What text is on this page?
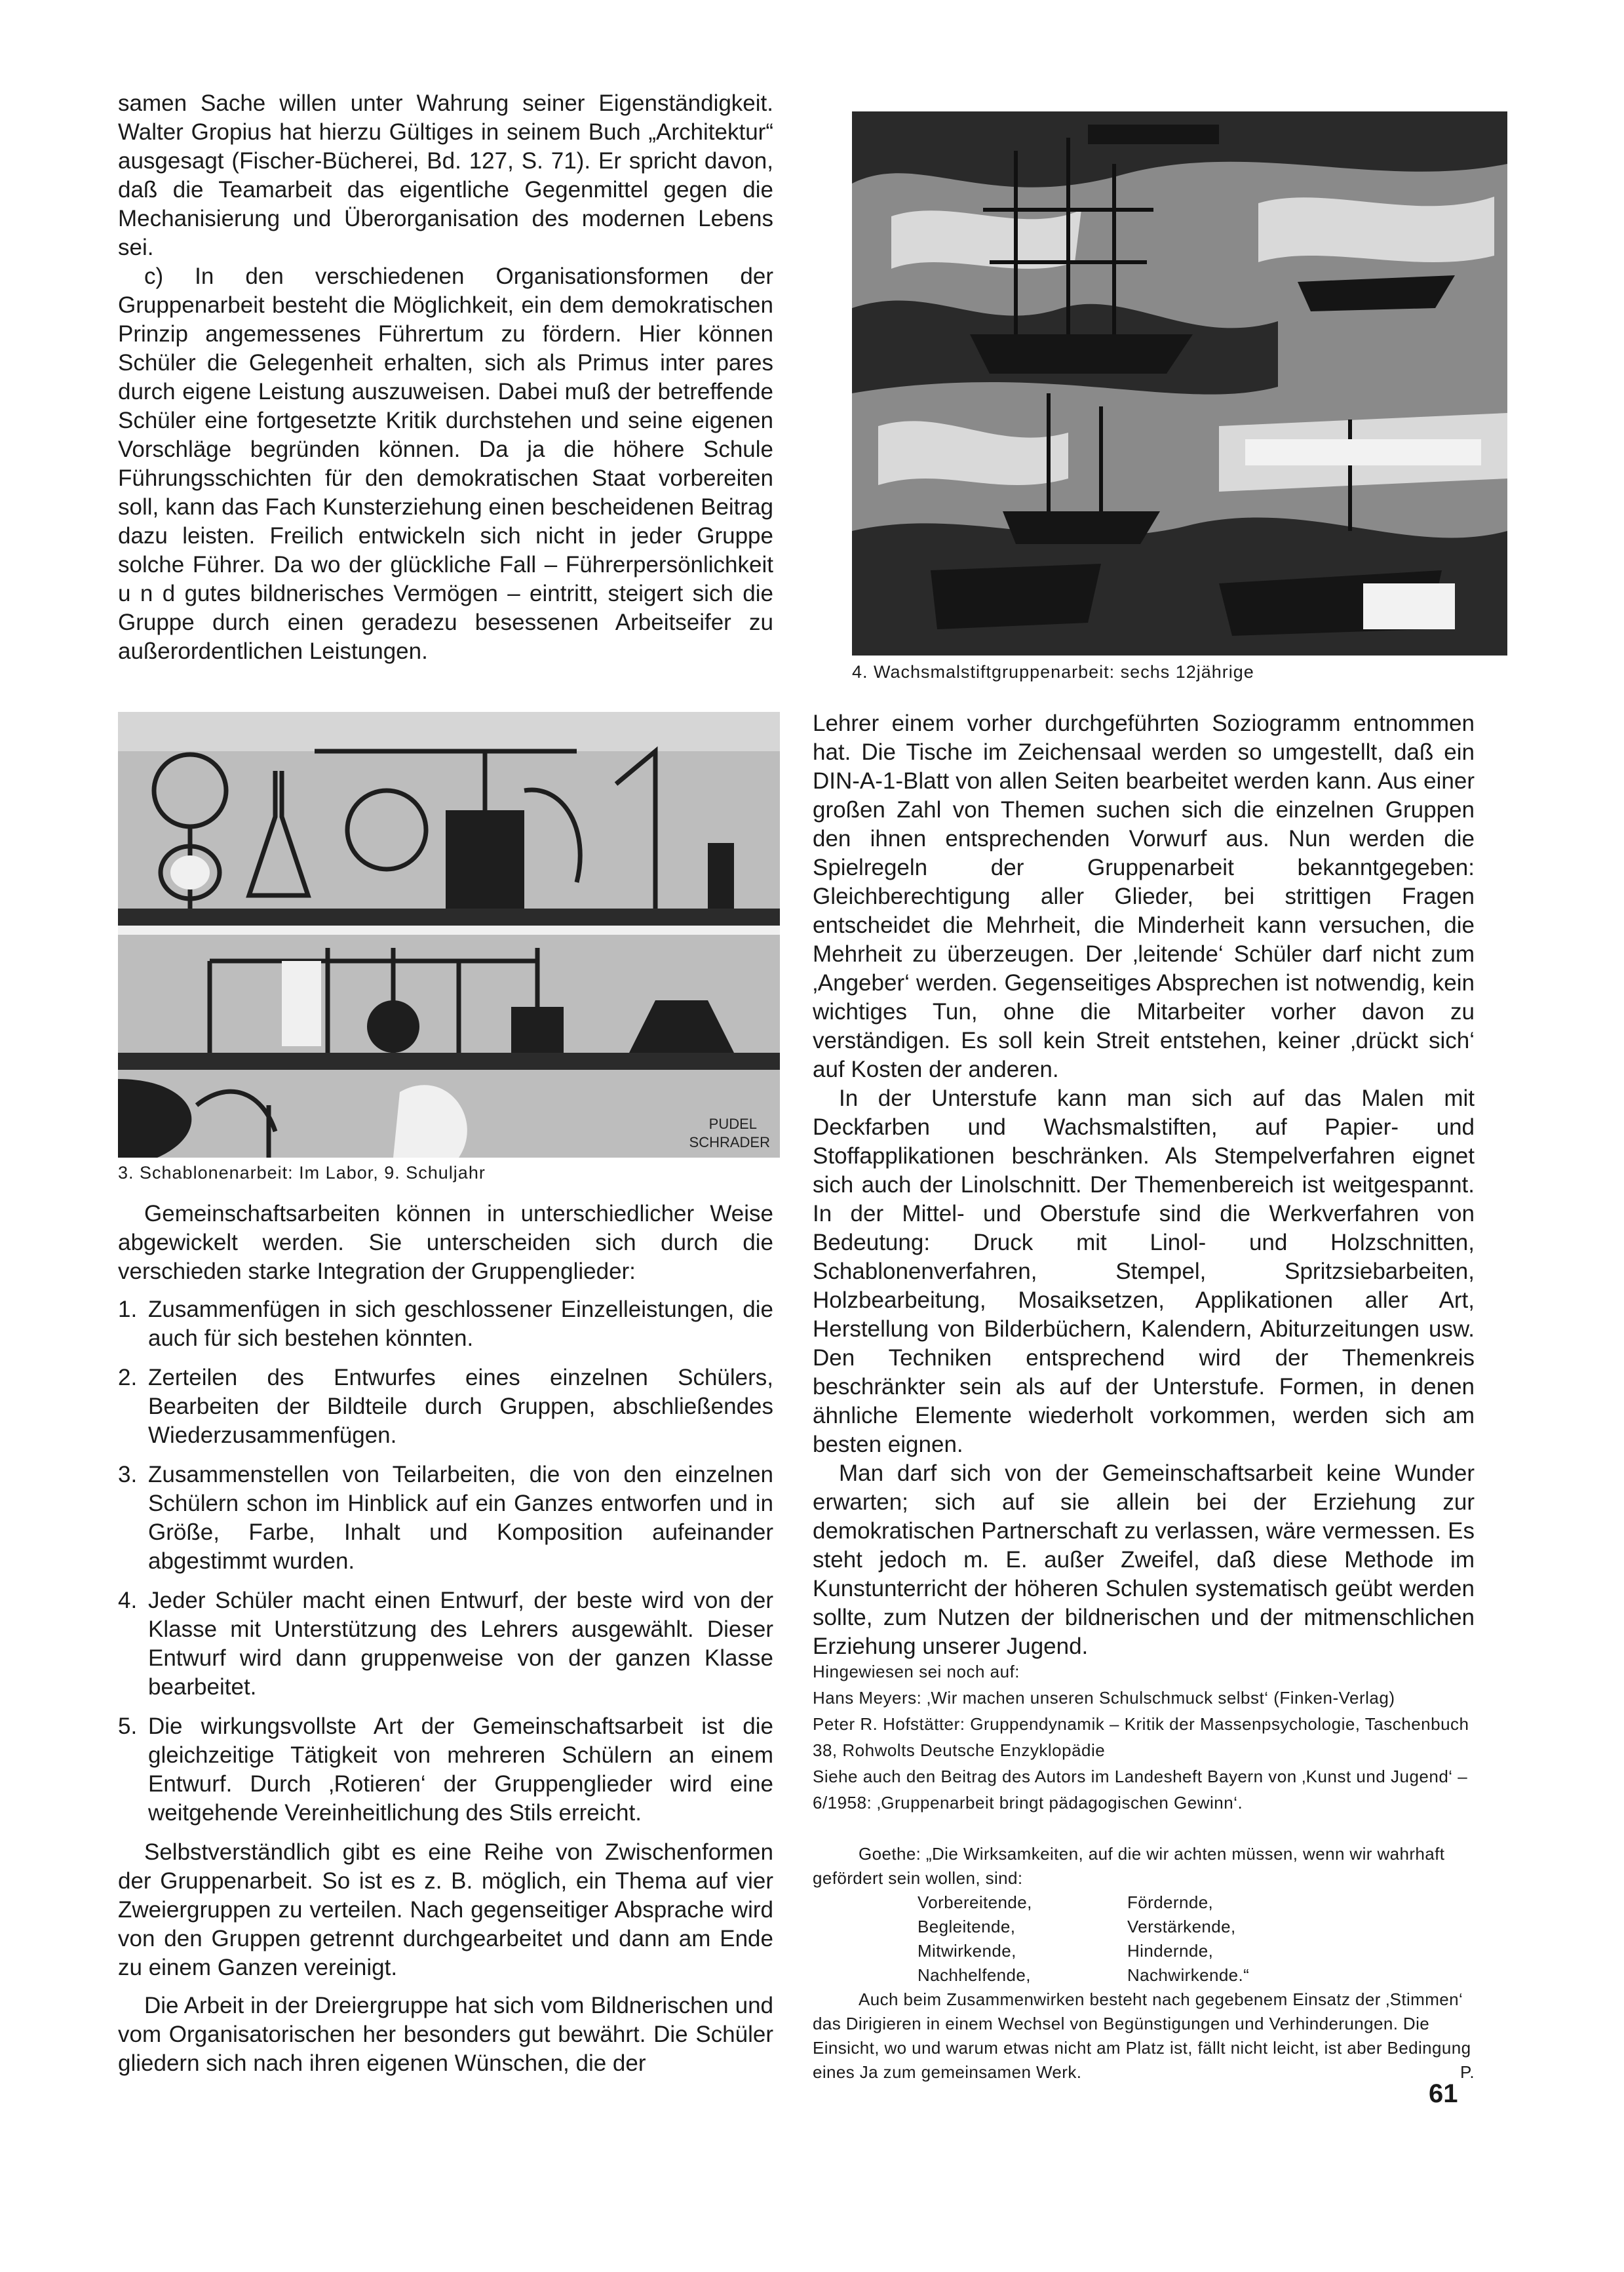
samen Sache willen unter Wahrung seiner Eigenständigkeit. Walter Gropius hat hierzu Gültiges in seinem Buch „Architektur“ ausgesagt (Fischer-Bücherei, Bd. 127, S. 71). Er spricht davon, daß die Teamarbeit das eigentliche Gegenmittel gegen die Mechanisierung und Überorganisation des modernen Lebens sei.

c) In den verschiedenen Organisationsformen der Gruppenarbeit besteht die Möglichkeit, ein dem demokratischen Prinzip angemessenes Führertum zu fördern. Hier können Schüler die Gelegenheit erhalten, sich als Primus inter pares durch eigene Leistung auszuweisen. Dabei muß der betreffende Schüler eine fortgesetzte Kritik durchstehen und seine eigenen Vorschläge begründen können. Da ja die höhere Schule Führungsschichten für den demokratischen Staat vorbereiten soll, kann das Fach Kunsterziehung einen bescheidenen Beitrag dazu leisten. Freilich entwickeln sich nicht in jeder Gruppe solche Führer. Da wo der glückliche Fall – Führerpersönlichkeit u n d gutes bildnerisches Vermögen – eintritt, steigert sich die Gruppe durch einen geradezu besessenen Arbeitseifer zu außerordentlichen Leistungen.

4. Wachsmalstiftgruppenarbeit: sechs 12jährige
PUDEL
SCHRADER
3. Schablonenarbeit: Im Labor, 9. Schuljahr

Gemeinschaftsarbeiten können in unterschiedlicher Weise abgewickelt werden. Sie unterscheiden sich durch die verschieden starke Integration der Gruppenglieder:

1. Zusammenfügen in sich geschlossener Einzelleistungen, die auch für sich bestehen könnten.
2. Zerteilen des Entwurfes eines einzelnen Schülers, Bearbeiten der Bildteile durch Gruppen, abschließendes Wiederzusammenfügen.
3. Zusammenstellen von Teilarbeiten, die von den einzelnen Schülern schon im Hinblick auf ein Ganzes entworfen und in Größe, Farbe, Inhalt und Komposition aufeinander abgestimmt wurden.
4. Jeder Schüler macht einen Entwurf, der beste wird von der Klasse mit Unterstützung des Lehrers ausgewählt. Dieser Entwurf wird dann gruppenweise von der ganzen Klasse bearbeitet.
5. Die wirkungsvollste Art der Gemeinschaftsarbeit ist die gleichzeitige Tätigkeit von mehreren Schülern an einem Entwurf. Durch ‚Rotieren‘ der Gruppenglieder wird eine weitgehende Vereinheitlichung des Stils erreicht.

Selbstverständlich gibt es eine Reihe von Zwischenformen der Gruppenarbeit. So ist es z. B. möglich, ein Thema auf vier Zweiergruppen zu verteilen. Nach gegenseitiger Absprache wird von den Gruppen getrennt durchgearbeitet und dann am Ende zu einem Ganzen vereinigt.

Die Arbeit in der Dreiergruppe hat sich vom Bildnerischen und vom Organisatorischen her besonders gut bewährt. Die Schüler gliedern sich nach ihren eigenen Wünschen, die der

Lehrer einem vorher durchgeführten Soziogramm entnommen hat. Die Tische im Zeichensaal werden so umgestellt, daß ein DIN-A-1-Blatt von allen Seiten bearbeitet werden kann. Aus einer großen Zahl von Themen suchen sich die einzelnen Gruppen den ihnen entsprechenden Vorwurf aus. Nun werden die Spielregeln der Gruppenarbeit bekanntgegeben: Gleichberechtigung aller Glieder, bei strittigen Fragen entscheidet die Mehrheit, die Minderheit kann versuchen, die Mehrheit zu überzeugen. Der ‚leitende‘ Schüler darf nicht zum ‚Angeber‘ werden. Gegenseitiges Absprechen ist notwendig, kein wichtiges Tun, ohne die Mitarbeiter vorher davon zu verständigen. Es soll kein Streit entstehen, keiner ‚drückt sich‘ auf Kosten der anderen.

In der Unterstufe kann man sich auf das Malen mit Deckfarben und Wachsmalstiften, auf Papier- und Stoffapplikationen beschränken. Als Stempelverfahren eignet sich auch der Linolschnitt. Der Themenbereich ist weitgespannt. In der Mittel- und Oberstufe sind die Werkverfahren von Bedeutung: Druck mit Linol- und Holzschnitten, Schablonenverfahren, Stempel, Spritzsiebarbeiten, Holzbearbeitung, Mosaiksetzen, Applikationen aller Art, Herstellung von Bilderbüchern, Kalendern, Abiturzeitungen usw. Den Techniken entsprechend wird der Themenkreis beschränkter sein als auf der Unterstufe. Formen, in denen ähnliche Elemente wiederholt vorkommen, werden sich am besten eignen.

Man darf sich von der Gemeinschaftsarbeit keine Wunder erwarten; sich auf sie allein bei der Erziehung zur demokratischen Partnerschaft zu verlassen, wäre vermessen. Es steht jedoch m. E. außer Zweifel, daß diese Methode im Kunstunterricht der höheren Schulen systematisch geübt werden sollte, zum Nutzen der bildnerischen und der mitmenschlichen Erziehung unserer Jugend.

Hingewiesen sei noch auf:

Hans Meyers: ‚Wir machen unseren Schulschmuck selbst‘ (Finken-Verlag)

Peter R. Hofstätter: Gruppendynamik – Kritik der Massenpsychologie, Taschenbuch 38, Rohwolts Deutsche Enzyklopädie

Siehe auch den Beitrag des Autors im Landesheft Bayern von ‚Kunst und Jugend‘ – 6/1958: ‚Gruppenarbeit bringt pädagogischen Gewinn‘.

Goethe: „Die Wirksamkeiten, auf die wir achten müssen, wenn wir wahrhaft gefördert sein wollen, sind:

Vorbereitende,	Fördernde,
Begleitende,	Verstärkende,
Mitwirkende,	Hindernde,
Nachhelfende,	Nachwirkende.“

Auch beim Zusammenwirken besteht nach gegebenem Einsatz der ‚Stimmen‘ das Dirigieren in einem Wechsel von Begünstigungen und Verhinderungen. Die Einsicht, wo und warum etwas nicht am Platz ist, fällt nicht leicht, ist aber Bedingung eines Ja zum gemeinsamen Werk.	P.

61
